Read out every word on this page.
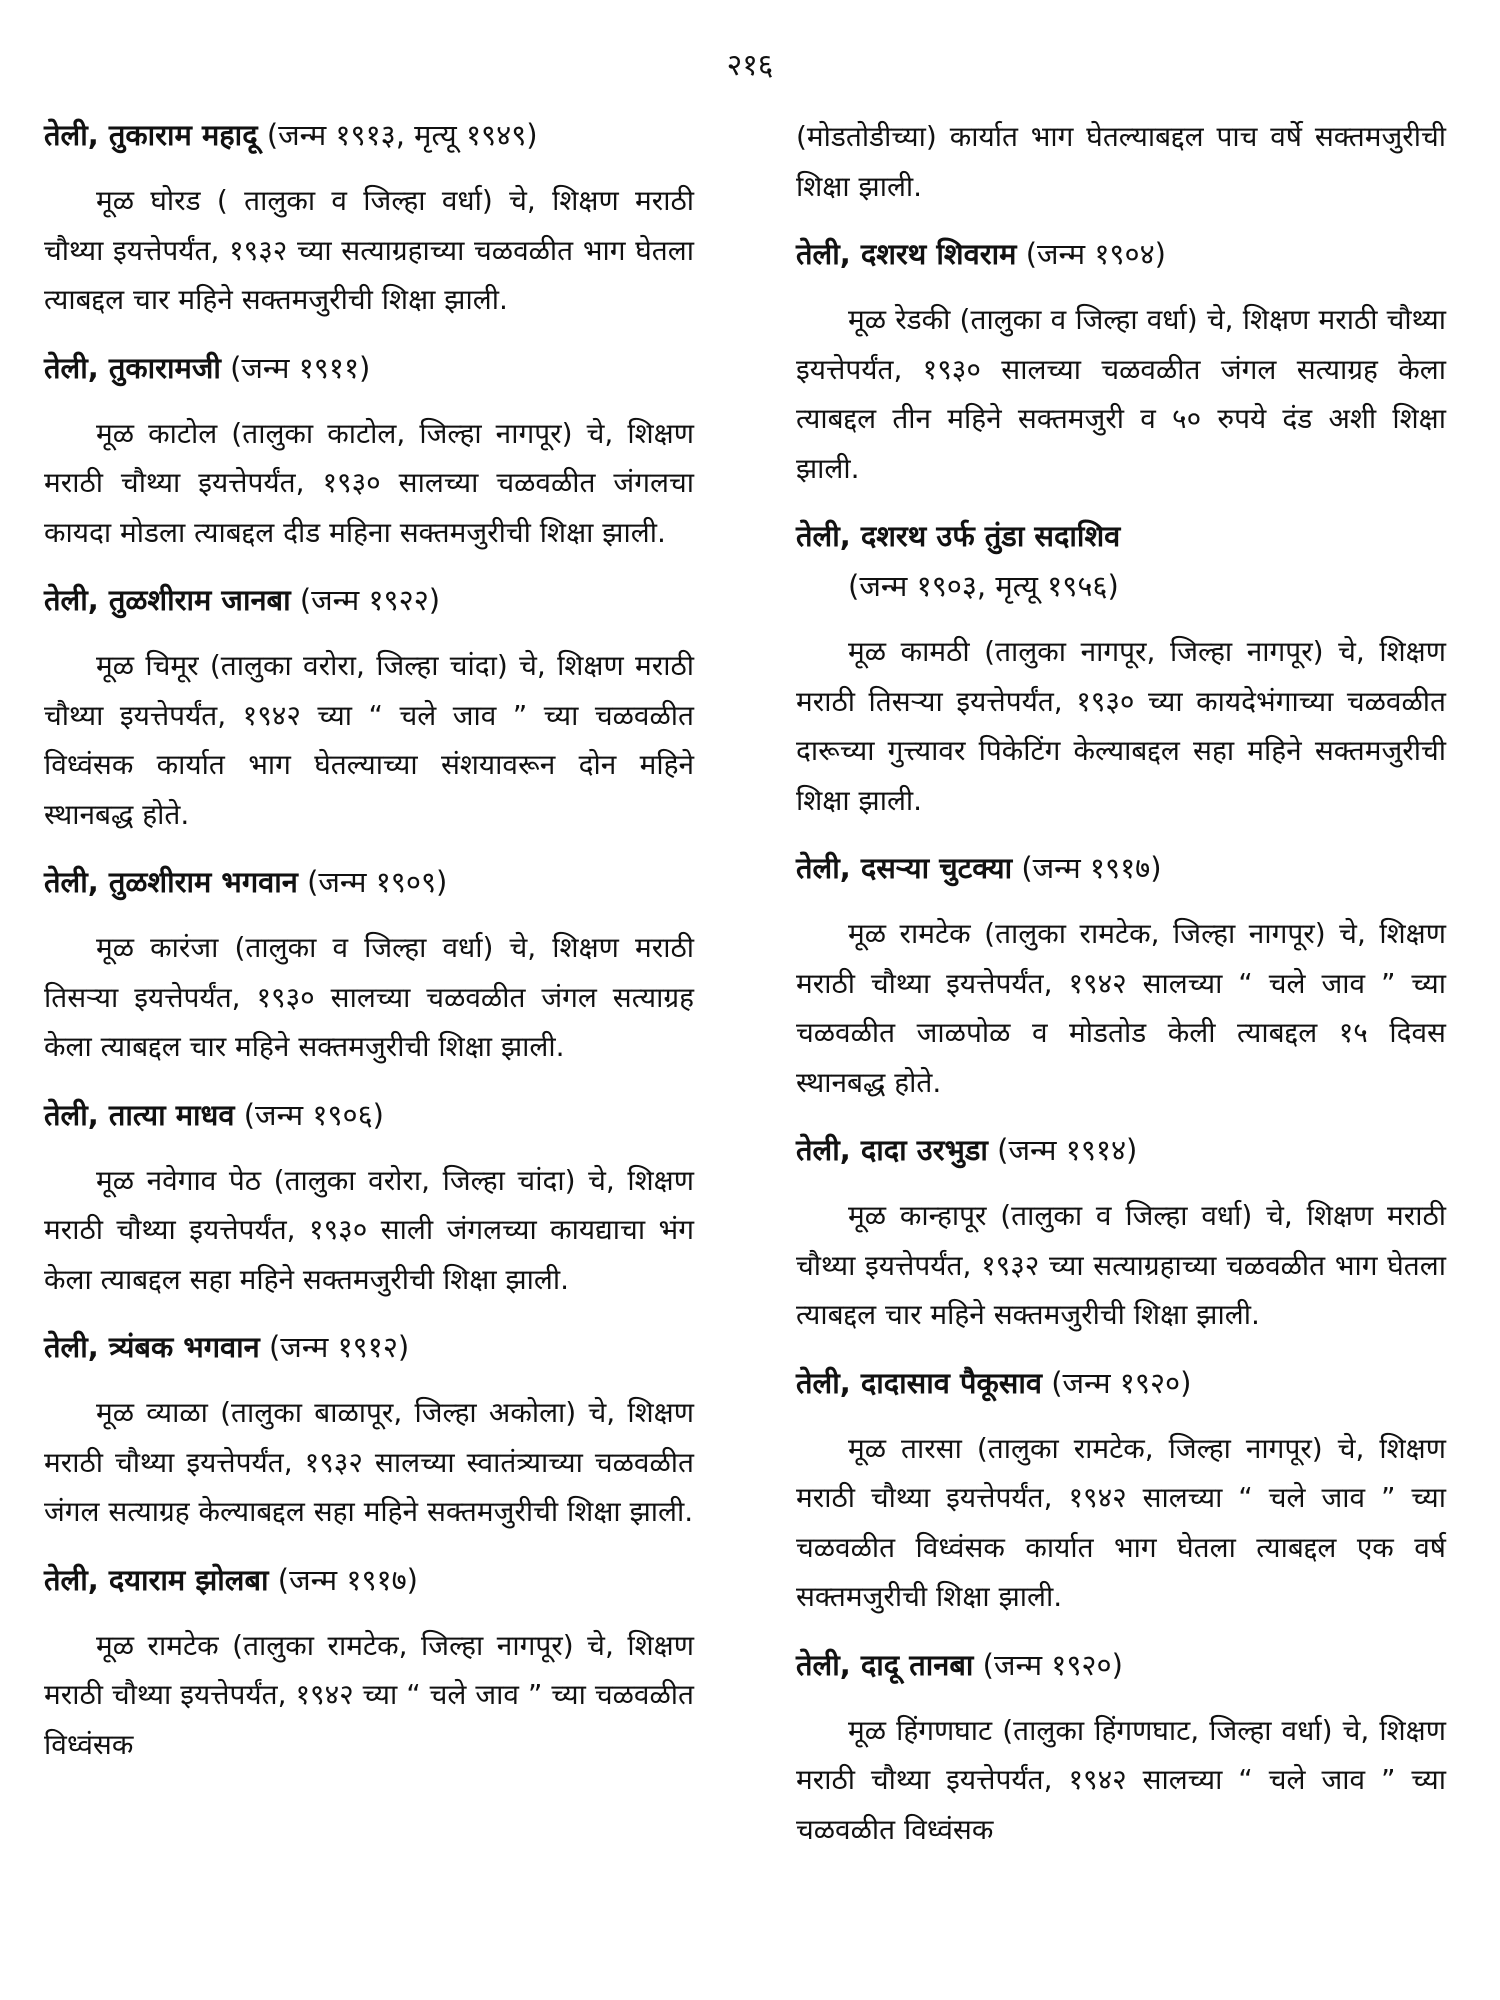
२१६
तेली, तुकाराम महादू (जन्म १९१३, मृत्यू १९४९)
मूळ घोरड ( तालुका व जिल्हा वर्धा) चे, शिक्षण मराठी चौथ्या इयत्तेपर्यंत, १९३२ च्या सत्याग्रहाच्या चळवळीत भाग घेतला त्याबद्दल चार महिने सक्तमजुरीची शिक्षा झाली.
तेली, तुकारामजी (जन्म १९११)
मूळ काटोल (तालुका काटोल, जिल्हा नागपूर) चे, शिक्षण मराठी चौथ्या इयत्तेपर्यंत, १९३० सालच्या चळवळीत जंगलचा कायदा मोडला त्याबद्दल दीड महिना सक्तमजुरीची शिक्षा झाली.
तेली, तुळशीराम जानबा (जन्म १९२२)
मूळ चिमूर (तालुका वरोरा, जिल्हा चांदा) चे, शिक्षण मराठी चौथ्या इयत्तेपर्यंत, १९४२ च्या “ चले जाव ” च्या चळवळीत विध्वंसक कार्यात भाग घेतल्याच्या संशयावरून दोन महिने स्थानबद्ध होते.
तेली, तुळशीराम भगवान (जन्म १९०९)
मूळ कारंजा (तालुका व जिल्हा वर्धा) चे, शिक्षण मराठी तिसऱ्या इयत्तेपर्यंत, १९३० सालच्या चळवळीत जंगल सत्याग्रह केला त्याबद्दल चार महिने सक्तमजुरीची शिक्षा झाली.
तेली, तात्या माधव (जन्म १९०६)
मूळ नवेगाव पेठ (तालुका वरोरा, जिल्हा चांदा) चे, शिक्षण मराठी चौथ्या इयत्तेपर्यंत, १९३० साली जंगलच्या कायद्याचा भंग केला त्याबद्दल सहा महिने सक्तमजुरीची शिक्षा झाली.
तेली, त्र्यंबक भगवान (जन्म १९१२)
मूळ व्याळा (तालुका बाळापूर, जिल्हा अकोला) चे, शिक्षण मराठी चौथ्या इयत्तेपर्यंत, १९३२ सालच्या स्वातंत्र्याच्या चळवळीत जंगल सत्याग्रह केल्याबद्दल सहा महिने सक्तमजुरीची शिक्षा झाली.
तेली, दयाराम झोलबा (जन्म १९१७)
मूळ रामटेक (तालुका रामटेक, जिल्हा नागपूर) चे, शिक्षण मराठी चौथ्या इयत्तेपर्यंत, १९४२ च्या “ चले जाव ” च्या चळवळीत विध्वंसक
(मोडतोडीच्या) कार्यात भाग घेतल्याबद्दल पाच वर्षे सक्तमजुरीची शिक्षा झाली.
तेली, दशरथ शिवराम (जन्म १९०४)
मूळ रेडकी (तालुका व जिल्हा वर्धा) चे, शिक्षण मराठी चौथ्या इयत्तेपर्यंत, १९३० सालच्या चळवळीत जंगल सत्याग्रह केला त्याबद्दल तीन महिने सक्तमजुरी व ५० रुपये दंड अशी शिक्षा झाली.
तेली, दशरथ उर्फ तुंडा सदाशिव
(जन्म १९०३, मृत्यू १९५६)
मूळ कामठी (तालुका नागपूर, जिल्हा नागपूर) चे, शिक्षण मराठी तिसऱ्या इयत्तेपर्यंत, १९३० च्या कायदेभंगाच्या चळवळीत दारूच्या गुत्त्यावर पिकेटिंग केल्याबद्दल सहा महिने सक्तमजुरीची शिक्षा झाली.
तेली, दसऱ्या चुटक्या (जन्म १९१७)
मूळ रामटेक (तालुका रामटेक, जिल्हा नागपूर) चे, शिक्षण मराठी चौथ्या इयत्तेपर्यंत, १९४२ सालच्या “ चले जाव ” च्या चळवळीत जाळपोळ व मोडतोड केली त्याबद्दल १५ दिवस स्थानबद्ध होते.
तेली, दादा उरभुडा (जन्म १९१४)
मूळ कान्हापूर (तालुका व जिल्हा वर्धा) चे, शिक्षण मराठी चौथ्या इयत्तेपर्यंत, १९३२ च्या सत्याग्रहाच्या चळवळीत भाग घेतला त्याबद्दल चार महिने सक्तमजुरीची शिक्षा झाली.
तेली, दादासाव पैकूसाव (जन्म १९२०)
मूळ तारसा (तालुका रामटेक, जिल्हा नागपूर) चे, शिक्षण मराठी चौथ्या इयत्तेपर्यंत, १९४२ सालच्या “ चले जाव ” च्या चळवळीत विध्वंसक कार्यात भाग घेतला त्याबद्दल एक वर्ष सक्तमजुरीची शिक्षा झाली.
तेली, दादू तानबा (जन्म १९२०)
मूळ हिंगणघाट (तालुका हिंगणघाट, जिल्हा वर्धा) चे, शिक्षण मराठी चौथ्या इयत्तेपर्यंत, १९४२ सालच्या “ चले जाव ” च्या चळवळीत विध्वंसक
